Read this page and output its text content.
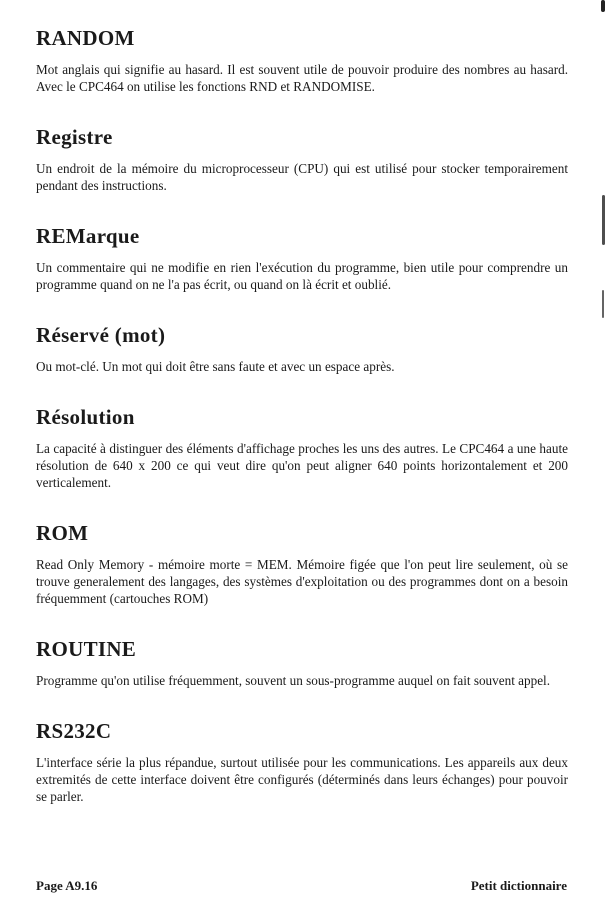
RANDOM

Mot anglais qui signifie au hasard. Il est souvent utile de pouvoir produire des nombres au hasard. Avec le CPC464 on utilise les fonctions RND et RANDOMISE.

Registre

Un endroit de la mémoire du microprocesseur (CPU) qui est utilisé pour stocker temporairement pendant des instructions.

REMarque

Un commentaire qui ne modifie en rien l'exécution du programme, bien utile pour comprendre un programme quand on ne l'a pas écrit, ou quand on là écrit et oublié.

Réservé (mot)

Ou mot-clé. Un mot qui doit être sans faute et avec un espace après.

Résolution

La capacité à distinguer des éléments d'affichage proches les uns des autres. Le CPC464 a une haute résolution de 640 x 200 ce qui veut dire qu'on peut aligner 640 points horizontalement et 200 verticalement.

ROM

Read Only Memory - mémoire morte = MEM. Mémoire figée que l'on peut lire seulement, où se trouve generalement des langages, des systèmes d'exploitation ou des programmes dont on a besoin fréquemment (cartouches ROM)

ROUTINE

Programme qu'on utilise fréquemment, souvent un sous-programme auquel on fait souvent appel.

RS232C

L'interface série la plus répandue, surtout utilisée pour les communications. Les appareils aux deux extremités de cette interface doivent être configurés (déterminés dans leurs échanges) pour pouvoir se parler.

Page A9.16	Petit dictionnaire
